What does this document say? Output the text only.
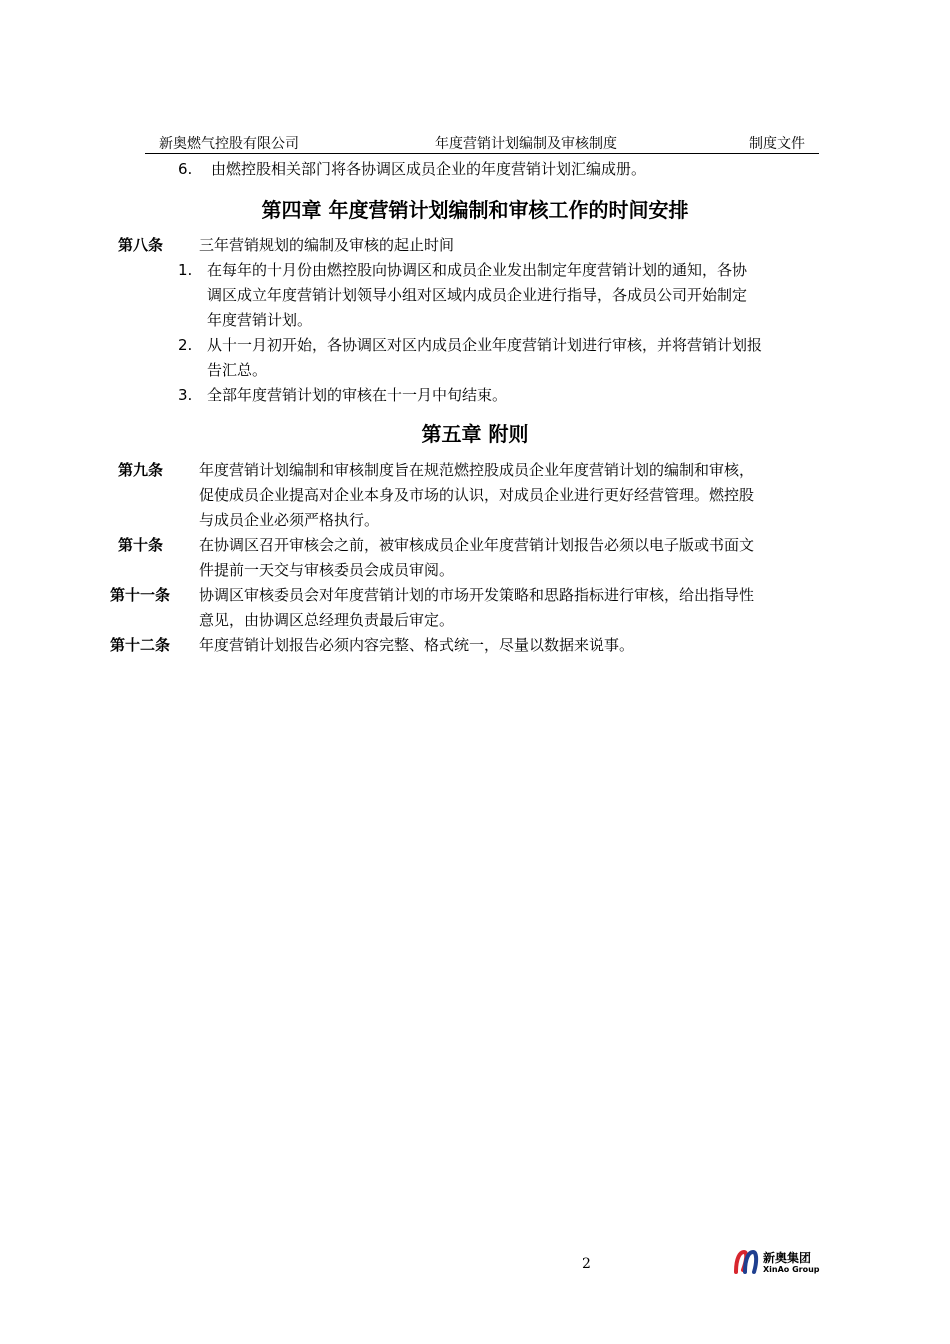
新奥燃气控股有限公司	年度营销计划编制及审核制度	制度文件
6. 由燃控股相关部门将各协调区成员企业的年度营销计划汇编成册。
第四章 年度营销计划编制和审核工作的时间安排
第八条 三年营销规划的编制及审核的起止时间
1. 在每年的十月份由燃控股向协调区和成员企业发出制定年度营销计划的通知，各协
调区成立年度营销计划领导小组对区域内成员企业进行指导，各成员公司开始制定
年度营销计划。
2. 从十一月初开始，各协调区对区内成员企业年度营销计划进行审核，并将营销计划报
告汇总。
3. 全部年度营销计划的审核在十一月中旬结束。
第五章 附则
第九条 年度营销计划编制和审核制度旨在规范燃控股成员企业年度营销计划的编制和审核，
促使成员企业提高对企业本身及市场的认识，对成员企业进行更好经营管理。燃控股
与成员企业必须严格执行。
第十条 在协调区召开审核会之前，被审核成员企业年度营销计划报告必须以电子版或书面文
件提前一天交与审核委员会成员审阅。
第十一条 协调区审核委员会对年度营销计划的市场开发策略和思路指标进行审核，给出指导性
意见，由协调区总经理负责最后审定。
第十二条 年度营销计划报告必须内容完整、格式统一，尽量以数据来说事。
2	新奥集团
XinAo Group
